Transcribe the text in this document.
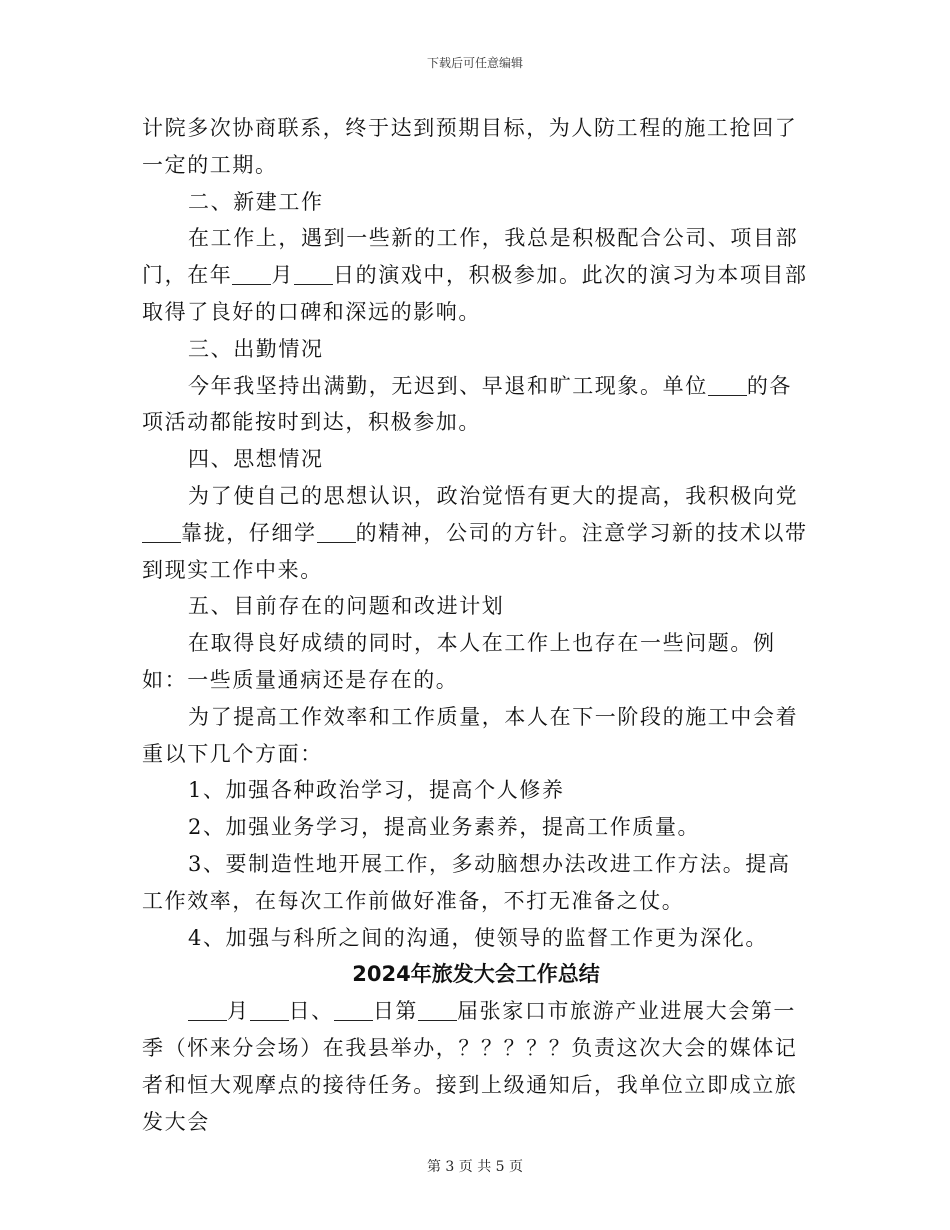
下载后可任意编辑

计院多次协商联系，终于达到预期目标，为人防工程的施工抢回了一定的工期。

二、新建工作

在工作上，遇到一些新的工作，我总是积极配合公司、项目部门，在年 月 日的演戏中，积极参加。此次的演习为本项目部取得了良好的口碑和深远的影响。

三、出勤情况

今年我坚持出满勤，无迟到、早退和旷工现象。单位 的各项活动都能按时到达，积极参加。

四、思想情况

为了使自己的思想认识，政治觉悟有更大的提高，我积极向党靠拢，仔细学 的精神，公司的方针。注意学习新的技术以带到现实工作中来。

五、目前存在的问题和改进计划

在取得良好成绩的同时，本人在工作上也存在一些问题。例如：一些质量通病还是存在的。

为了提高工作效率和工作质量，本人在下一阶段的施工中会着重以下几个方面：

1、加强各种政治学习，提高个人修养

2、加强业务学习，提高业务素养，提高工作质量。

3、要制造性地开展工作，多动脑想办法改进工作方法。提高工作效率，在每次工作前做好准备，不打无准备之仗。

4、加强与科所之间的沟通，使领导的监督工作更为深化。

2024年旅发大会工作总结

月 日、 日第 届张家口市旅游产业进展大会第一季（怀来分会场）在我县举办，？？？？？负责这次大会的媒体记者和恒大观摩点的接待任务。接到上级通知后，我单位立即成立旅发大会

第 3 页 共 5 页
